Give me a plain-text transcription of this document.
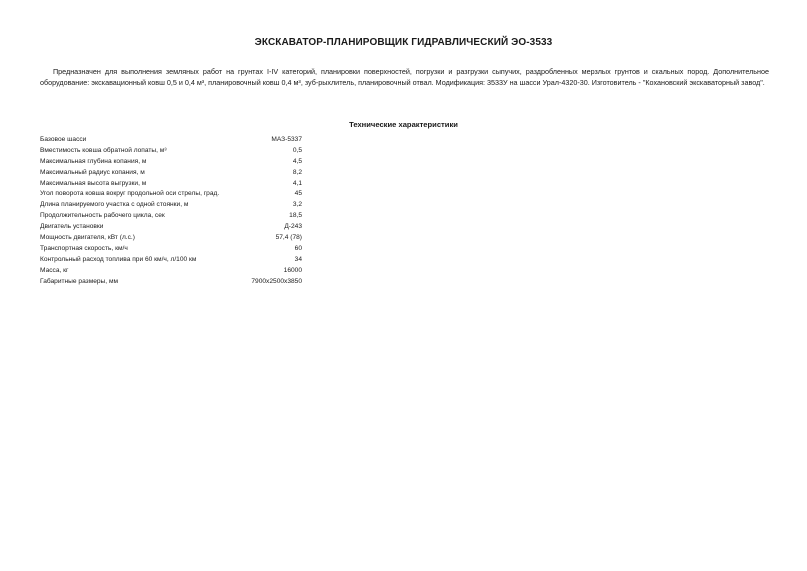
ЭКСКАВАТОР-ПЛАНИРОВЩИК ГИДРАВЛИЧЕСКИЙ ЭО-3533
Предназначен для выполнения земляных работ на грунтах I-IV категорий, планировки поверхностей, погрузки и разгрузки сыпучих, раздробленных мерзлых грунтов и скальных пород. Дополнительное оборудование: экскавационный ковш 0,5 и 0,4 м³, планировочный ковш 0,4 м³, зуб-рыхлитель, планировочный отвал. Модификация: 3533У на шасси Урал-4320-30. Изготовитель - "Кохановский экскаваторный завод".
Технические характеристики
Базовое шасси	МАЗ-5337
Вместимость ковша обратной лопаты, м³	0,5
Максимальная глубина копания, м	4,5
Максимальный радиус копания, м	8,2
Максимальная высота выгрузки, м	4,1
Угол поворота ковша вокруг продольной оси стрелы, град.	45
Длина планируемого участка с одной стоянки, м	3,2
Продолжительность рабочего цикла, сек	18,5
Двигатель установки	Д-243
Мощность двигателя, кВт (л.с.)	57,4 (78)
Транспортная скорость, км/ч	60
Контрольный расход топлива при 60 км/ч, л/100 км	34
Масса, кг	16000
Габаритные размеры, мм	7900x2500x3850
